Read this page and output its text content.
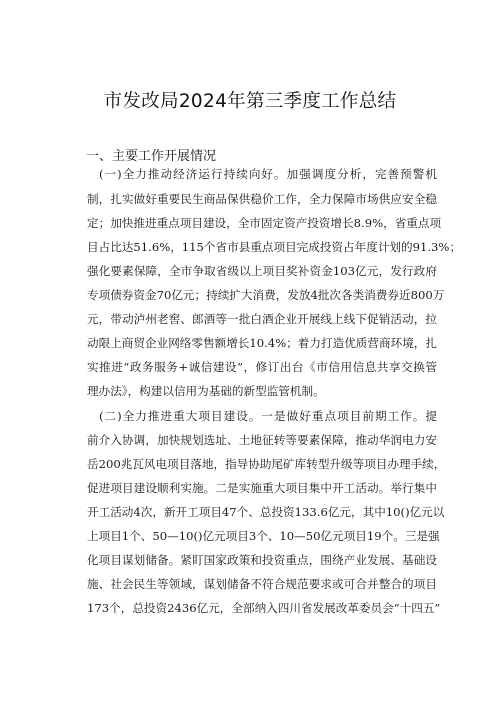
市发改局2024年第三季度工作总结
一、主要工作开展情况
(一)全力推动经济运行持续向好。加强调度分析，完善预警机
制，扎实做好重要民生商品保供稳价工作，全力保障市场供应安全稳
定；加快推进重点项目建设，全市固定资产投资增长8.9%，省重点项
目占比达51.6%，115个省市县重点项目完成投资占年度计划的91.3%；
强化要素保障，全市争取省级以上项目奖补资金103亿元，发行政府
专项债券资金70亿元；持续扩大消费，发放4批次各类消费券近800万
元，带动泸州老窖、郎酒等一批白酒企业开展线上线下促销活动，拉
动限上商贸企业网络零售额增长10.4%；着力打造优质营商环境，扎
实推进“政务服务+诚信建设”，修订出台《市信用信息共享交换管
理办法》，构建以信用为基础的新型监管机制。
(二)全力推进重大项目建设。一是做好重点项目前期工作。提
前介入协调，加快规划选址、土地征转等要素保障，推动华润电力安
岳200兆瓦风电项目落地，指导协助尾矿库转型升级等项目办理手续，
促进项目建设顺利实施。二是实施重大项目集中开工活动。举行集中
开工活动4次，新开工项目47个、总投资133.6亿元，其中10()亿元以
上项目1个、50—10()亿元项目3个、10—50亿元项目19个。三是强
化项目谋划储备。紧盯国家政策和投资重点，围绕产业发展、基础设
施、社会民生等领域，谋划储备不符合规范要求或可合并整合的项目
173个，总投资2436亿元，全部纳入四川省发展改革委员会“十四五”
